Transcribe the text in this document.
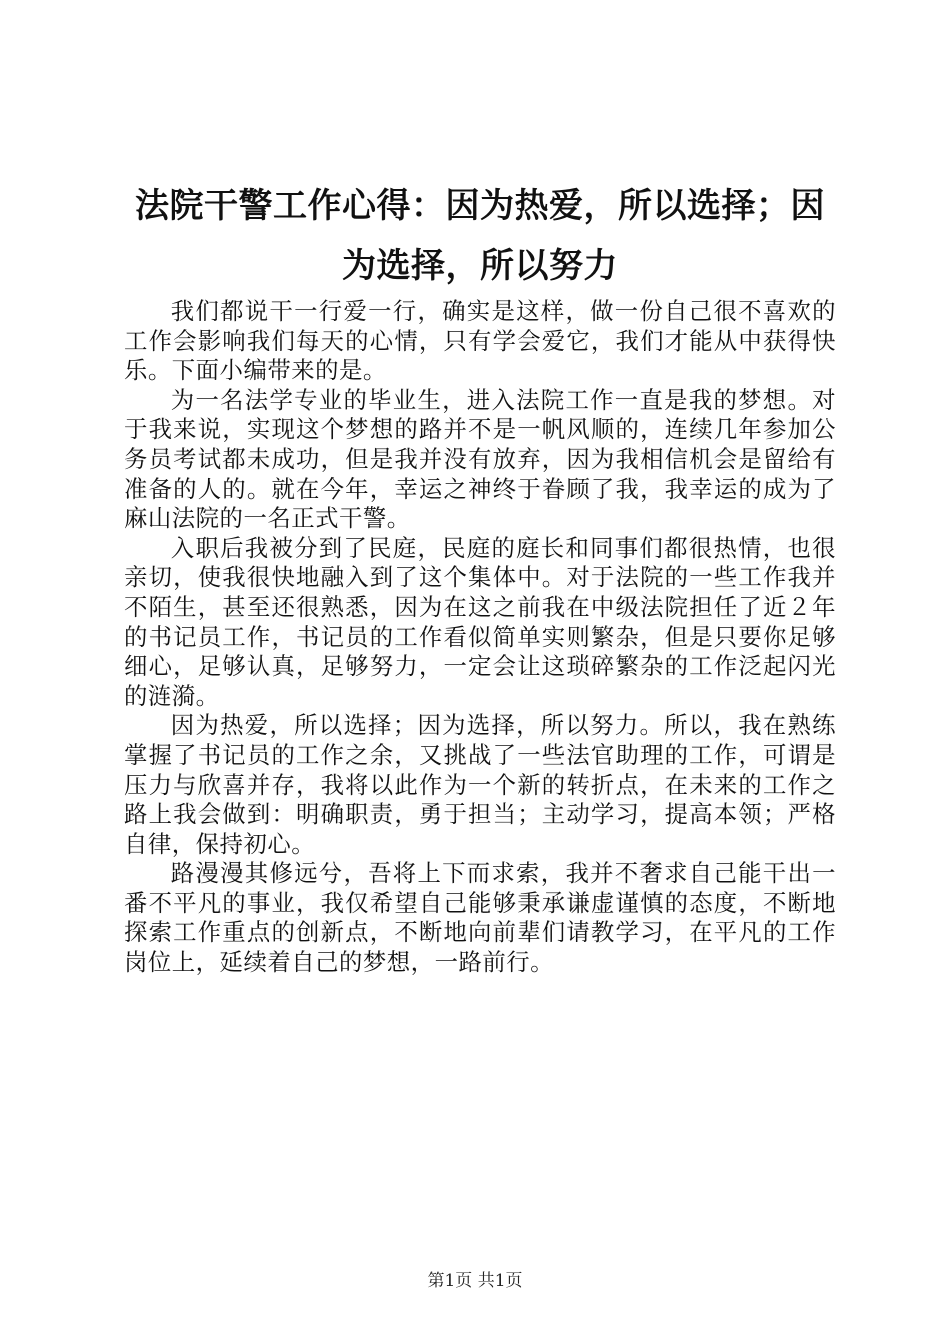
法院干警工作心得：因为热爱，所以选择；因为选择，所以努力

我们都说干一行爱一行，确实是这样，做一份自己很不喜欢的工作会影响我们每天的心情，只有学会爱它，我们才能从中获得快乐。下面小编带来的是。

为一名法学专业的毕业生，进入法院工作一直是我的梦想。对于我来说，实现这个梦想的路并不是一帆风顺的，连续几年参加公务员考试都未成功，但是我并没有放弃，因为我相信机会是留给有准备的人的。就在今年，幸运之神终于眷顾了我，我幸运的成为了麻山法院的一名正式干警。

入职后我被分到了民庭，民庭的庭长和同事们都很热情，也很亲切，使我很快地融入到了这个集体中。对于法院的一些工作我并不陌生，甚至还很熟悉，因为在这之前我在中级法院担任了近２年的书记员工作，书记员的工作看似简单实则繁杂，但是只要你足够细心，足够认真，足够努力，一定会让这琐碎繁杂的工作泛起闪光的涟漪。

因为热爱，所以选择；因为选择，所以努力。所以，我在熟练掌握了书记员的工作之余，又挑战了一些法官助理的工作，可谓是压力与欣喜并存，我将以此作为一个新的转折点，在未来的工作之路上我会做到：明确职责，勇于担当；主动学习，提高本领；严格自律，保持初心。

路漫漫其修远兮，吾将上下而求索，我并不奢求自己能干出一番不平凡的事业，我仅希望自己能够秉承谦虚谨慎的态度，不断地探索工作重点的创新点，不断地向前辈们请教学习，在平凡的工作岗位上，延续着自己的梦想，一路前行。

第1页 共1页
